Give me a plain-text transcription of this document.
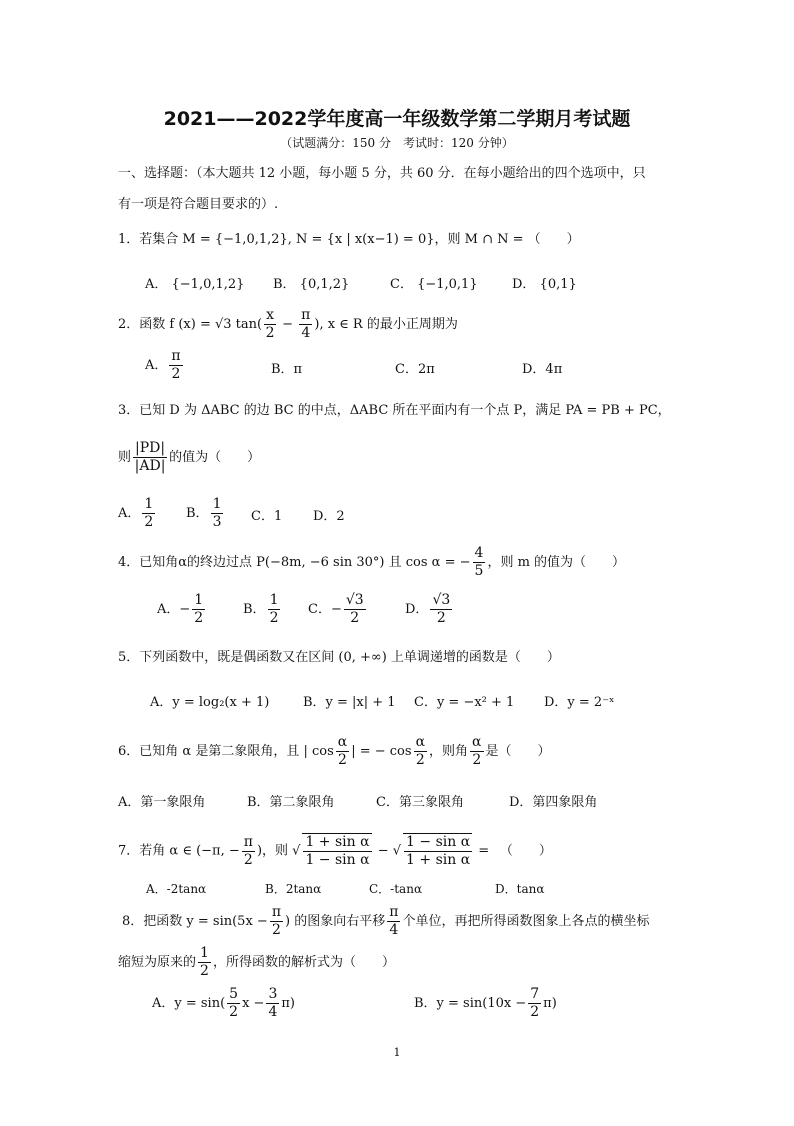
2021——2022学年度高一年级数学第二学期月考试题
（试题满分：150 分　考试时：120 分钟）
一、选择题：（本大题共 12 小题，每小题 5 分，共 60 分．在每小题给出的四个选项中，只
有一项是符合题目要求的）.
1．若集合 M = {−1,0,1,2}, N = {x | x(x−1) = 0}，则 M ∩ N = （　　）
A． {−1,0,1,2} B． {0,1,2}	C． {−1,0,1}	D． {0,1}
2．函数 f (x) = √3 $\tan( \frac{x}{2} - \frac{\pi}{4}$ ), x ∈ R 的最小正周期为
A． $\frac{\pi}{2}$	B．π	C．2π	D．4π
3．已知 D 为 ΔABC 的边 BC 的中点，ΔABC 所在平面内有一个点 P，满足 PA = PB + PC，
则 $\frac{|PD|}{|AD|}$ 的值为（　　）
A． $\frac{1}{2}$ B． $\frac{1}{3}$ C．1 D．2
4．已知角α的终边过点 P(−8m, −6 sin 30°) 且 cos α = − $\frac{4}{5}$ ，则 m 的值为（　　）
A．− $\frac{1}{2}$	B． $\frac{1}{2}$ C．− $\frac{√3}{2}$	D． $\frac{√3}{2}$
5．下列函数中，既是偶函数又在区间 (0, +∞) 上单调递增的函数是（　　）
A．y = log₂(x + 1)	B．y = |x| + 1 C．y = −x² + 1 D．y = 2⁻ˣ
6．已知角 α 是第二象限角，且 | $\cos \frac{\alpha}{2}$ | = − $\cos \frac{\alpha}{2}$ ，则角 $\frac{\alpha}{2}$ 是（　　）
A．第一象限角	B．第二象限角	C．第三象限角	D．第四象限角
7．若角 α ∈ (−π, − $\frac{\pi}{2}$ )，则 √ $\frac{\text{1 + sin α}}{\text{1 − sin α}}$ − √ $\frac{\text{1 − sin α}}{\text{1 + sin α}}$ = 　（　　）
A．-2tanα	B．2tanα	C．-tanα	D．tanα
8．把函数 $y = \sin(5x - \frac{\pi}{2}$ ) 的图象向右平移 $\frac{\pi}{4}$ 个单位，再把所得函数图象上各点的横坐标
缩短为原来的 $\frac{1}{2}$ ，所得函数的解析式为（　　）
A．$y = \sin( \frac{5}{2}$ $x - \frac{3}{4} \pi$)	B．$y = \sin(10x - \frac{7}{2} \pi)$
1
